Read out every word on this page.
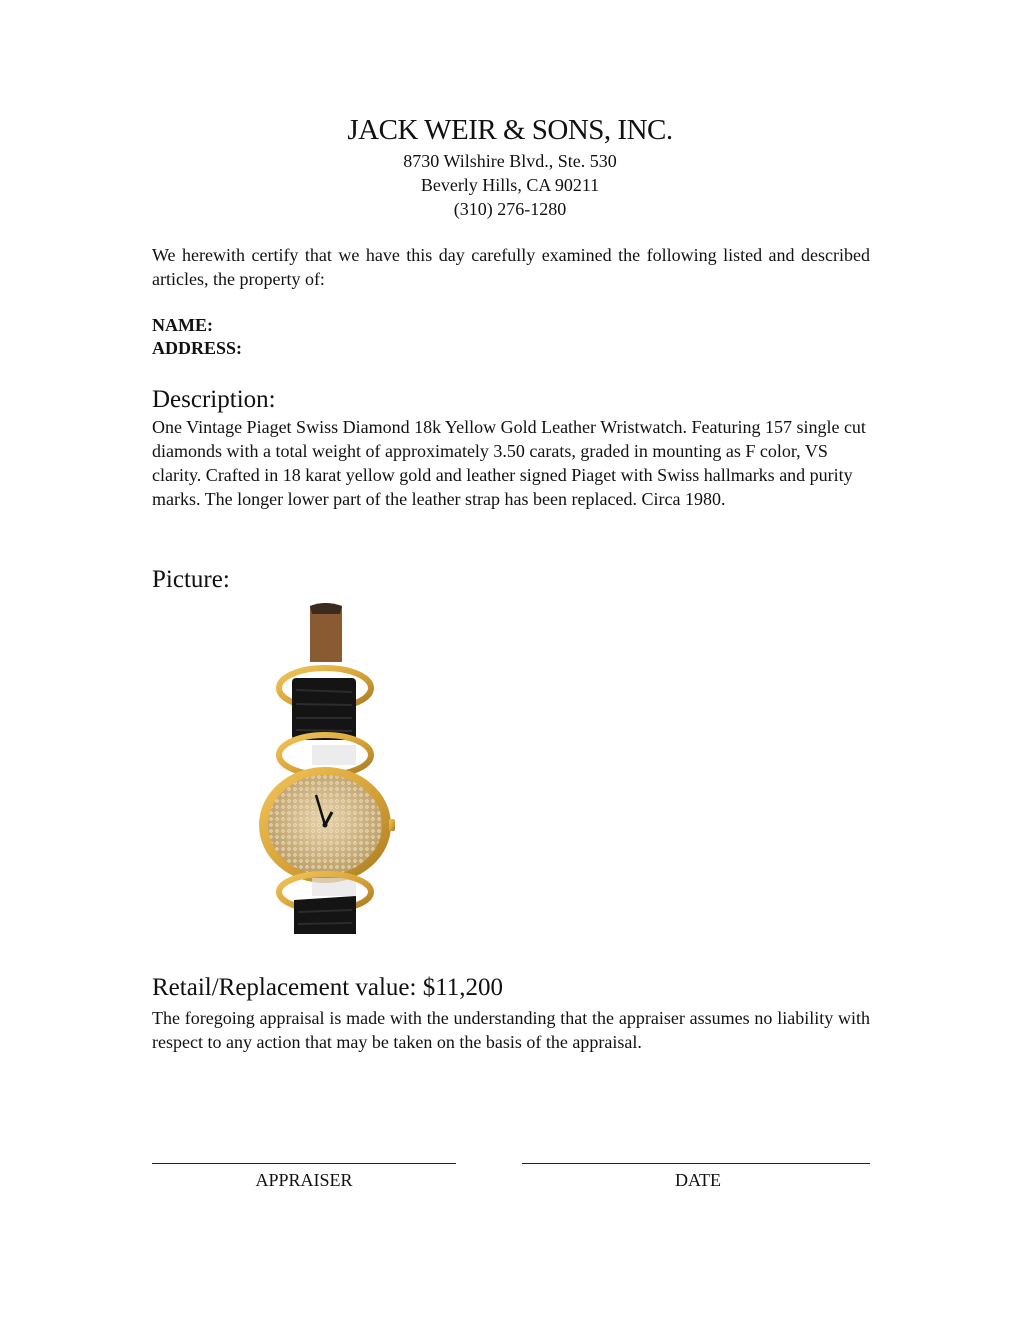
JACK WEIR & SONS, INC.
8730 Wilshire Blvd., Ste. 530
Beverly Hills, CA 90211
(310) 276-1280

We herewith certify that we have this day carefully examined the following listed and described articles, the property of:

NAME:
ADDRESS:
Description:

One Vintage Piaget Swiss Diamond 18k Yellow Gold Leather Wristwatch. Featuring 157 single cut diamonds with a total weight of approximately 3.50 carats, graded in mounting as F color, VS clarity. Crafted in 18 karat yellow gold and leather signed Piaget with Swiss hallmarks and purity marks. The longer lower part of the leather strap has been replaced. Circa 1980.

Picture:
Retail/Replacement value: $11,200

The foregoing appraisal is made with the understanding that the appraiser assumes no liability with respect to any action that may be taken on the basis of the appraisal.

APPRAISER	DATE
